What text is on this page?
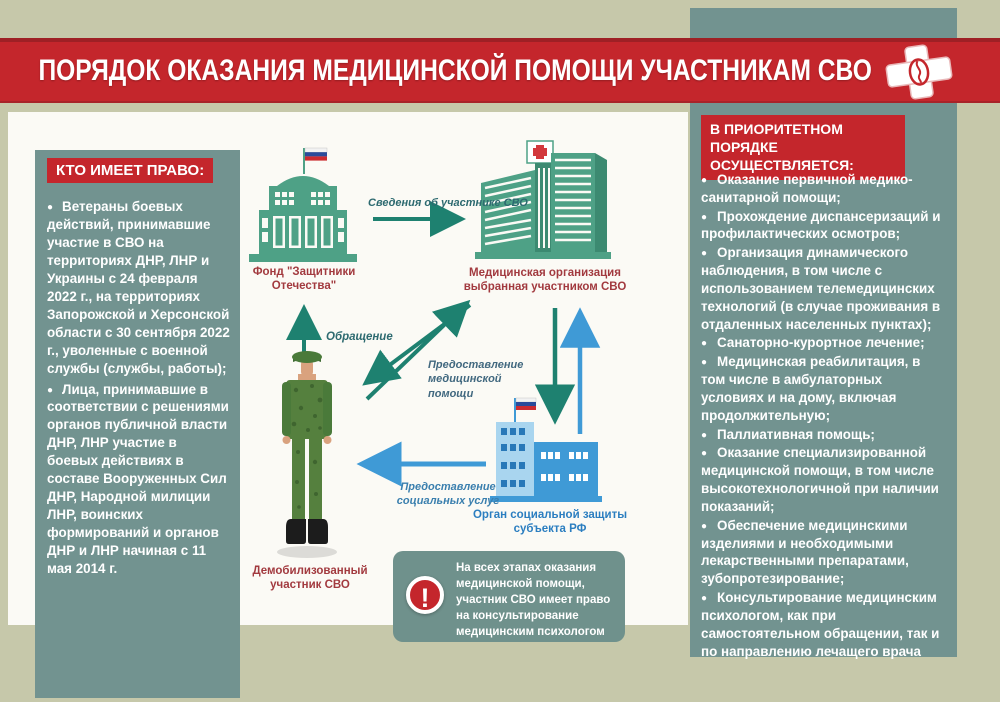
ПОРЯДОК ОКАЗАНИЯ МЕДИЦИНСКОЙ ПОМОЩИ УЧАСТНИКАМ СВО
В ПРИОРИТЕТНОМ ПОРЯДКЕ ОСУЩЕСТВЛЯЕТСЯ:
● Оказание первичной медико-санитарной помощи;
● Прохождение диспансеризаций и профилактических осмотров;
● Организация динамического наблюдения, в том числе с использованием телемедицинских технологий (в случае проживания в отдаленных населенных пунктах);
● Санаторно-курортное лечение;
● Медицинская реабилитация, в том числе в амбулаторных условиях и на дому, включая продолжительную;
● Паллиативная помощь;
● Оказание специализированной медицинской помощи, в том числе высокотехнологичной при наличии показаний;
● Обеспечение медицинскими изделиями и необходимыми лекарственными препаратами, зубопротезирование;
● Консультирование медицинским психологом, как при самостоятельном обращении, так и по направлению лечащего врача
КТО ИМЕЕТ ПРАВО:
● Ветераны боевых действий, принимавшие участие в СВО на территориях ДНР, ЛНР и Украины с 24 февраля 2022 г., на территориях Запорожской и Херсонской области с 30 сентября 2022 г., уволенные с военной службы (службы, работы);
● Лица, принимавшие в соответствии с решениями органов публичной власти ДНР, ЛНР участие в боевых действиях в составе Вооруженных Сил ДНР, Народной милиции ЛНР, воинских формирований и органов ДНР и ЛНР начиная с 11 мая 2014 г.
Фонд "Защитники Отечества"
Медицинская организация выбранная участником СВО
Орган социальной защиты субъекта РФ
Демобилизованный участник СВО
Сведения об участнике СВО
Обращение
Предоставление медицинской помощи
Предоставление социальных услуг
!
На всех этапах оказания медицинской помощи, участник СВО имеет право на консультирование медицинским психологом
